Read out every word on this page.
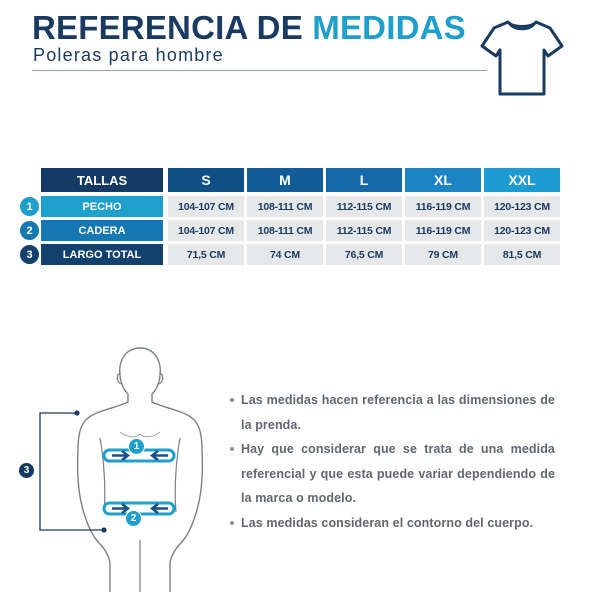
REFERENCIA DE MEDIDAS
Poleras para hombre
TALLAS	S	M	L	XL	XXL
1	PECHO	104-107 CM	108-111 CM	112-115 CM	116-119 CM	120-123 CM
2	CADERA	104-107 CM	108-111 CM	112-115 CM	116-119 CM	120-123 CM
3	LARGO TOTAL	71,5 CM	74 CM	76,5 CM	79 CM	81,5 CM
1
2
3
Las medidas hacen referencia a las dimensiones de la prenda.
Hay que considerar que se trata de una medida referencial y que esta puede variar dependiendo de la marca o modelo.
Las medidas consideran el contorno del cuerpo.
